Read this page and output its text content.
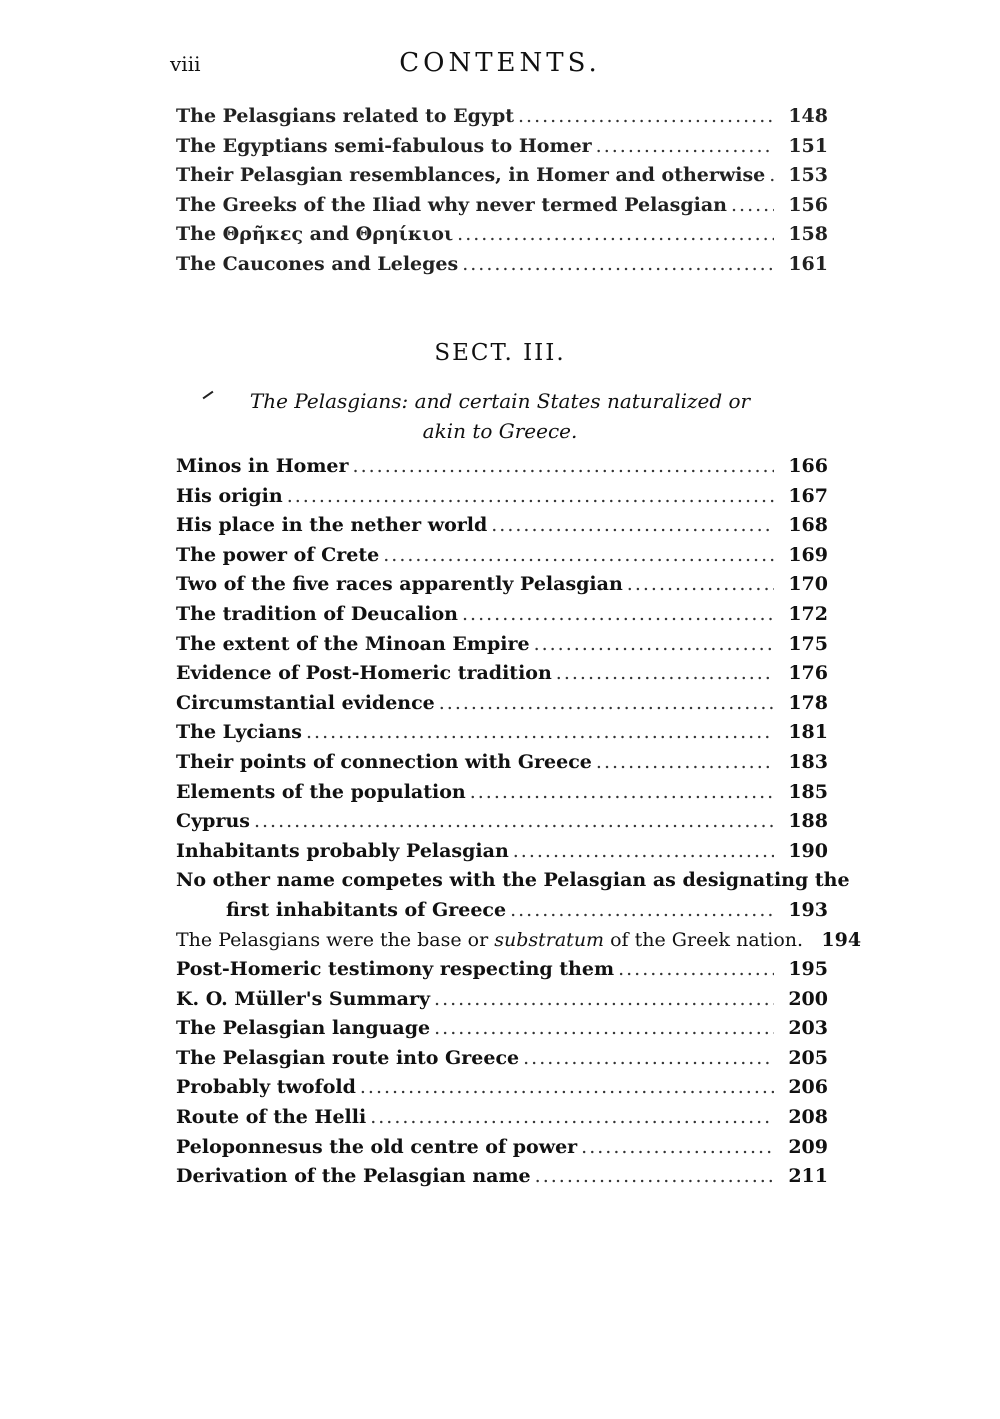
viii	CONTENTS.
The Pelasgians related to Egypt .....	148
The Egyptians semi-fabulous to Homer .....	151
Their Pelasgian resemblances, in Homer and otherwise .....	153
The Greeks of the Iliad why never termed Pelasgian .....	156
The Θρῆκες and Θρηίκιοι .....	158
The Caucones and Leleges .....	161
SECT. III.
The Pelasgians: and certain States naturalized or
akin to Greece.
Minos in Homer .....	166
His origin .....	167
His place in the nether world .....	168
The power of Crete .....	169
Two of the five races apparently Pelasgian .....	170
The tradition of Deucalion .....	172
The extent of the Minoan Empire .....	175
Evidence of Post-Homeric tradition .....	176
Circumstantial evidence .....	178
The Lycians .....	181
Their points of connection with Greece .....	183
Elements of the population .....	185
Cyprus .....	188
Inhabitants probably Pelasgian .....	190
No other name competes with the Pelasgian as designating the
first inhabitants of Greece .....	193
The Pelasgians were the base or substratum of the Greek nation. 194
Post-Homeric testimony respecting them .....	195
K. O. Müller's Summary .....	200
The Pelasgian language .....	203
The Pelasgian route into Greece .....	205
Probably twofold .....	206
Route of the Helli .....	208
Peloponnesus the old centre of power .....	209
Derivation of the Pelasgian name .....	211
